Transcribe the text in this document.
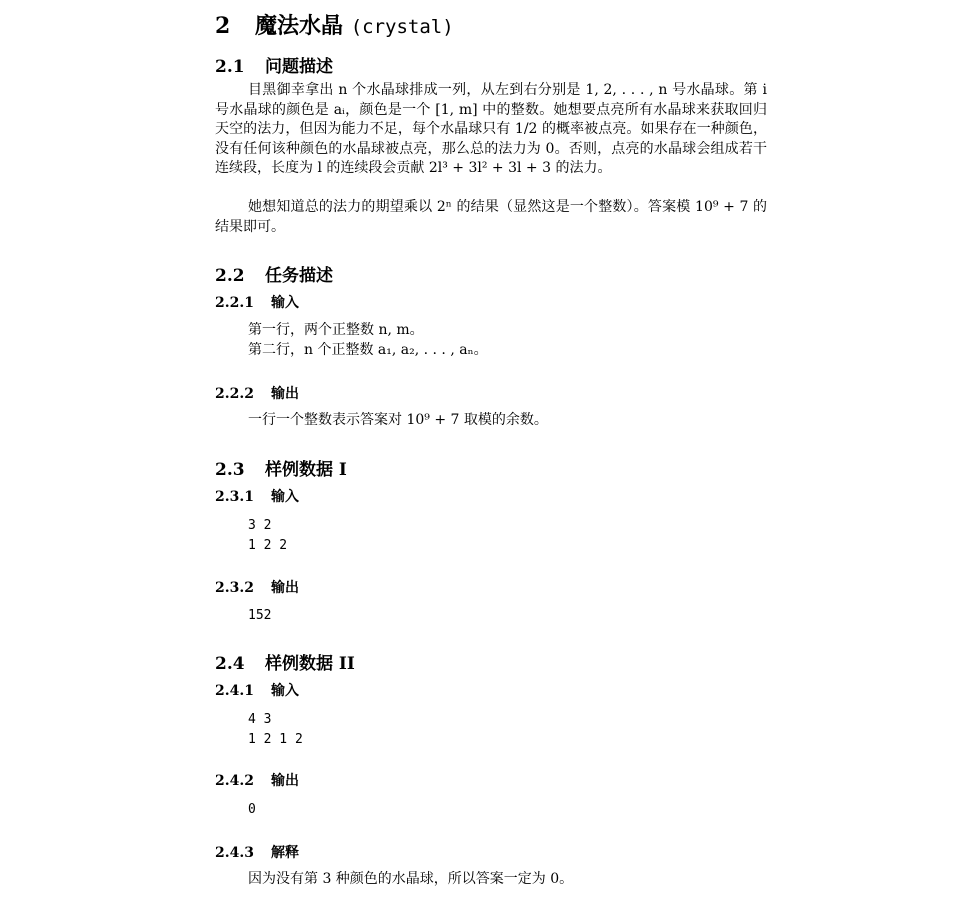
2 魔法水晶 (crystal)
2.1 问题描述
目黑御幸拿出 n 个水晶球排成一列，从左到右分别是 1, 2, . . . , n 号水晶球。第 i 号水晶球的颜色是 aᵢ，颜色是一个 [1, m] 中的整数。她想要点亮所有水晶球来获取回归天空的法力，但因为能力不足，每个水晶球只有 1/2 的概率被点亮。如果存在一种颜色，没有任何该种颜色的水晶球被点亮，那么总的法力为 0。否则，点亮的水晶球会组成若干连续段，长度为 l 的连续段会贡献 2l³ + 3l² + 3l + 3 的法力。
她想知道总的法力的期望乘以 2ⁿ 的结果（显然这是一个整数）。答案模 10⁹ + 7 的结果即可。
2.2 任务描述
2.2.1 输入
第一行，两个正整数 n, m。
第二行，n 个正整数 a₁, a₂, . . . , aₙ。
2.2.2 输出
一行一个整数表示答案对 10⁹ + 7 取模的余数。
2.3 样例数据 I
2.3.1 输入
3 2
1 2 2
2.3.2 输出
152
2.4 样例数据 II
2.4.1 输入
4 3
1 2 1 2
2.4.2 输出
0
2.4.3 解释
因为没有第 3 种颜色的水晶球，所以答案一定为 0。
